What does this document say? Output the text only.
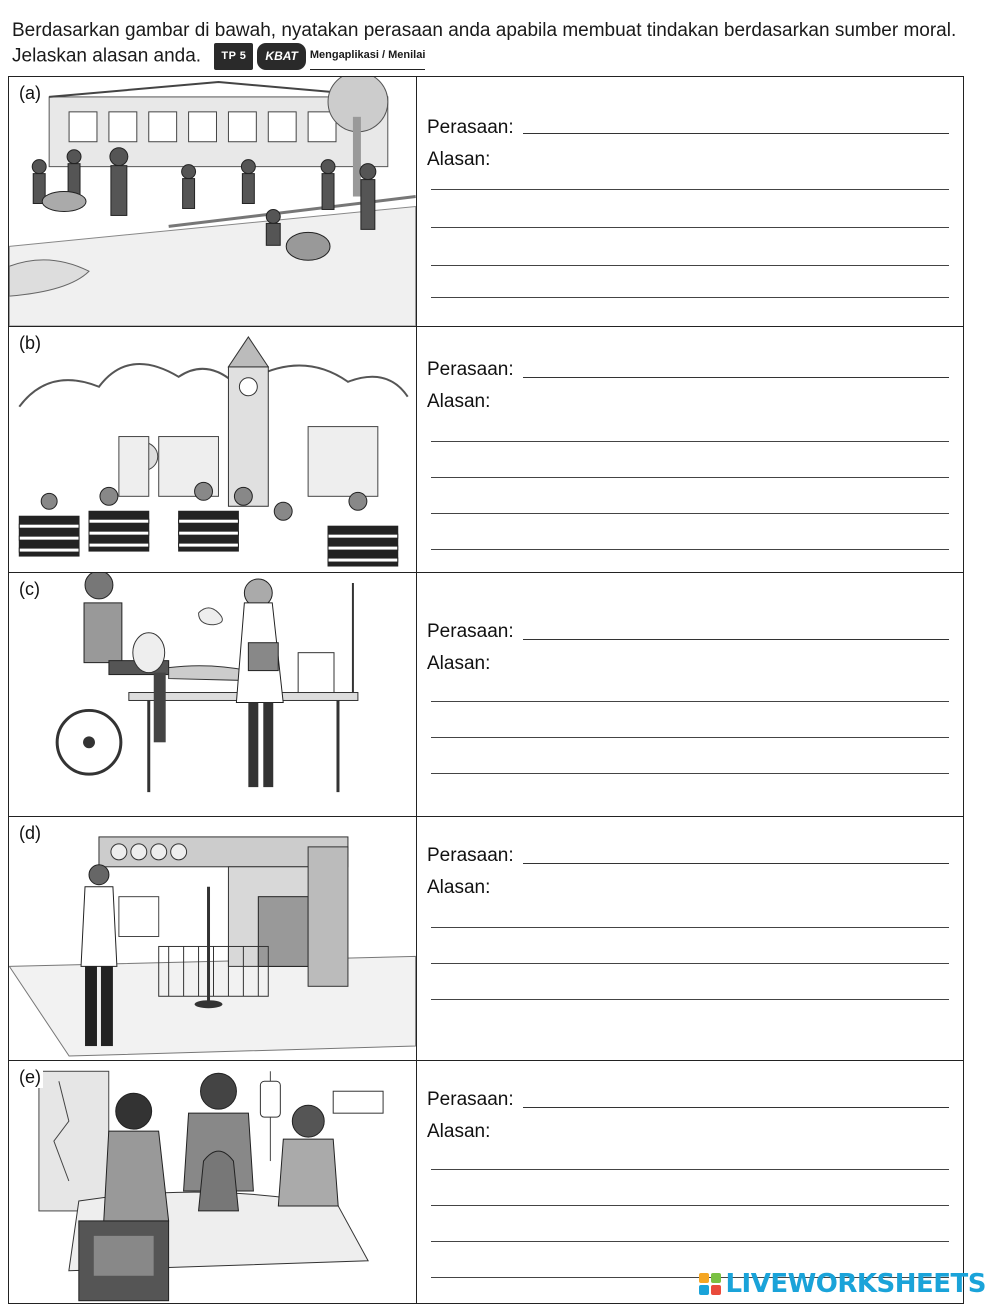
Berdasarkan gambar di bawah, nyatakan perasaan anda apabila membuat tindakan berdasarkan sumber moral. Jelaskan alasan anda.	TP 5	KBAT	Mengaplikasi / Menilai
(a)
Perasaan:
Alasan:
(b)
Perasaan:
Alasan:
(c)
Perasaan:
Alasan:
(d)
Perasaan:
Alasan:
(e)
Perasaan:
Alasan:
LIVEWORKSHEETS
